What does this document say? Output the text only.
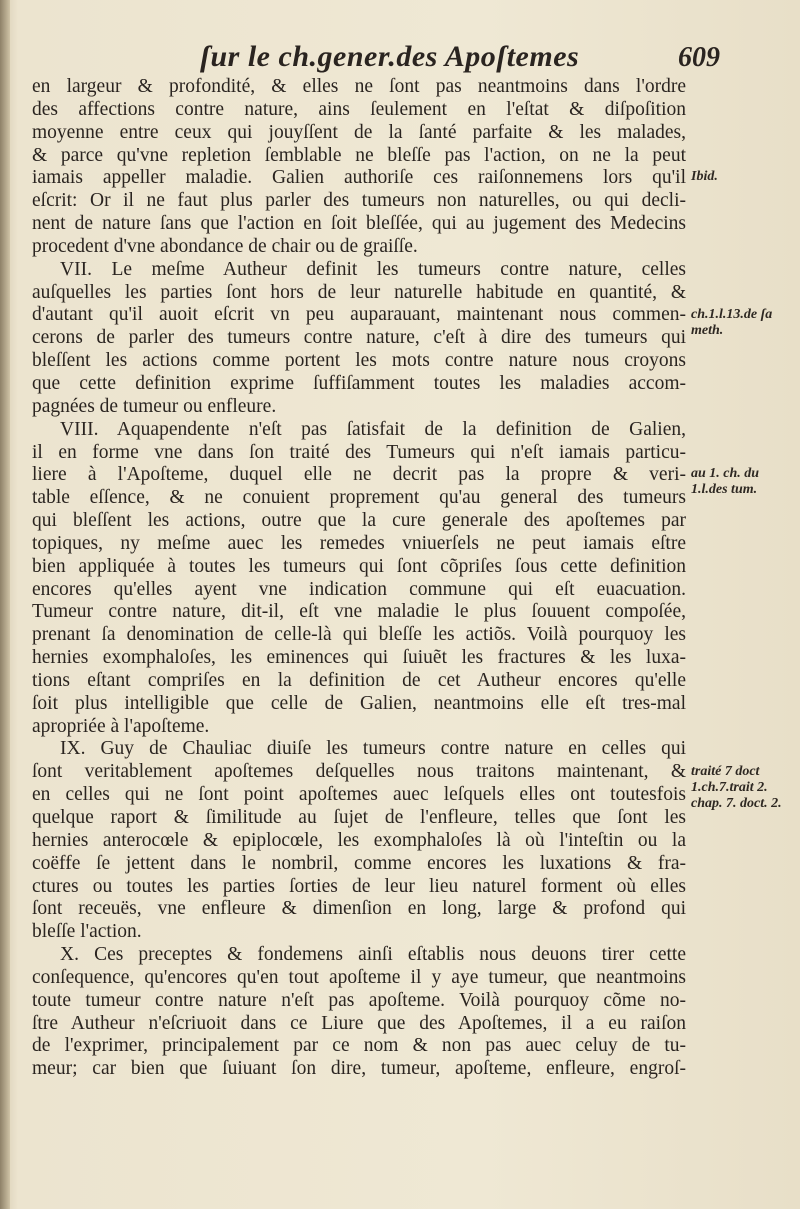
ſur le ch.gener.des Apoſtemes	609
en largeur & profondité, & elles ne ſont pas neantmoins dans l'ordre
des affections contre nature, ains ſeulement en l'eſtat & diſpoſition
moyenne entre ceux qui jouyſſent de la ſanté parfaite & les malades,
& parce qu'vne repletion ſemblable ne bleſſe pas l'action, on ne la peut
iamais appeller maladie. Galien authoriſe ces raiſonnemens lors qu'il
eſcrit: Or il ne faut plus parler des tumeurs non naturelles, ou qui decli-
nent de nature ſans que l'action en ſoit bleſſée, qui au jugement des Medecins
procedent d'vne abondance de chair ou de graiſſe.
VII. Le meſme Autheur definit les tumeurs contre nature, celles
auſquelles les parties ſont hors de leur naturelle habitude en quantité, &
d'autant qu'il auoit eſcrit vn peu auparauant, maintenant nous commen-
cerons de parler des tumeurs contre nature, c'eſt à dire des tumeurs qui
bleſſent les actions comme portent les mots contre nature nous croyons
que cette definition exprime ſuffiſamment toutes les maladies accom-
pagnées de tumeur ou enfleure.
VIII. Aquapendente n'eſt pas ſatisfait de la definition de Galien,
il en forme vne dans ſon traité des Tumeurs qui n'eſt iamais particu-
liere à l'Apoſteme, duquel elle ne decrit pas la propre & veri-
table eſſence, & ne conuient proprement qu'au general des tumeurs
qui bleſſent les actions, outre que la cure generale des apoſtemes par
topiques, ny meſme auec les remedes vniuerſels ne peut iamais eſtre
bien appliquée à toutes les tumeurs qui ſont cõpriſes ſous cette definition
encores qu'elles ayent vne indication commune qui eſt euacuation.
Tumeur contre nature, dit-il, eſt vne maladie le plus ſouuent compoſée,
prenant ſa denomination de celle-là qui bleſſe les actiõs. Voilà pourquoy les
hernies exomphaloſes, les eminences qui ſuiuẽt les fractures & les luxa-
tions eſtant compriſes en la definition de cet Autheur encores qu'elle
ſoit plus intelligible que celle de Galien, neantmoins elle eſt tres-mal
apropriée à l'apoſteme.
IX. Guy de Chauliac diuiſe les tumeurs contre nature en celles qui
ſont veritablement apoſtemes deſquelles nous traitons maintenant, &
en celles qui ne ſont point apoſtemes auec leſquels elles ont toutesfois
quelque raport & ſimilitude au ſujet de l'enfleure, telles que ſont les
hernies anterocœle & epiplocœle, les exomphaloſes là où l'inteſtin ou la
coëffe ſe jettent dans le nombril, comme encores les luxations & fra-
ctures ou toutes les parties ſorties de leur lieu naturel forment où elles
ſont receuës, vne enfleure & dimenſion en long, large & profond qui
bleſſe l'action.
X. Ces preceptes & fondemens ainſi eſtablis nous deuons tirer cette
conſequence, qu'encores qu'en tout apoſteme il y aye tumeur, que neantmoins
toute tumeur contre nature n'eſt pas apoſteme. Voilà pourquoy cõme no-
ſtre Autheur n'eſcriuoit dans ce Liure que des Apoſtemes, il a eu raiſon
de l'exprimer, principalement par ce nom & non pas auec celuy de tu-
meur; car bien que ſuiuant ſon dire, tumeur, apoſteme, enfleure, engroſ-
Ibid.
ch.1.l.13.de ſa meth.
au 1. ch. du 1.l.des tum.
traité 7 doct 1.ch.7.trait 2. chap. 7. doct. 2.
